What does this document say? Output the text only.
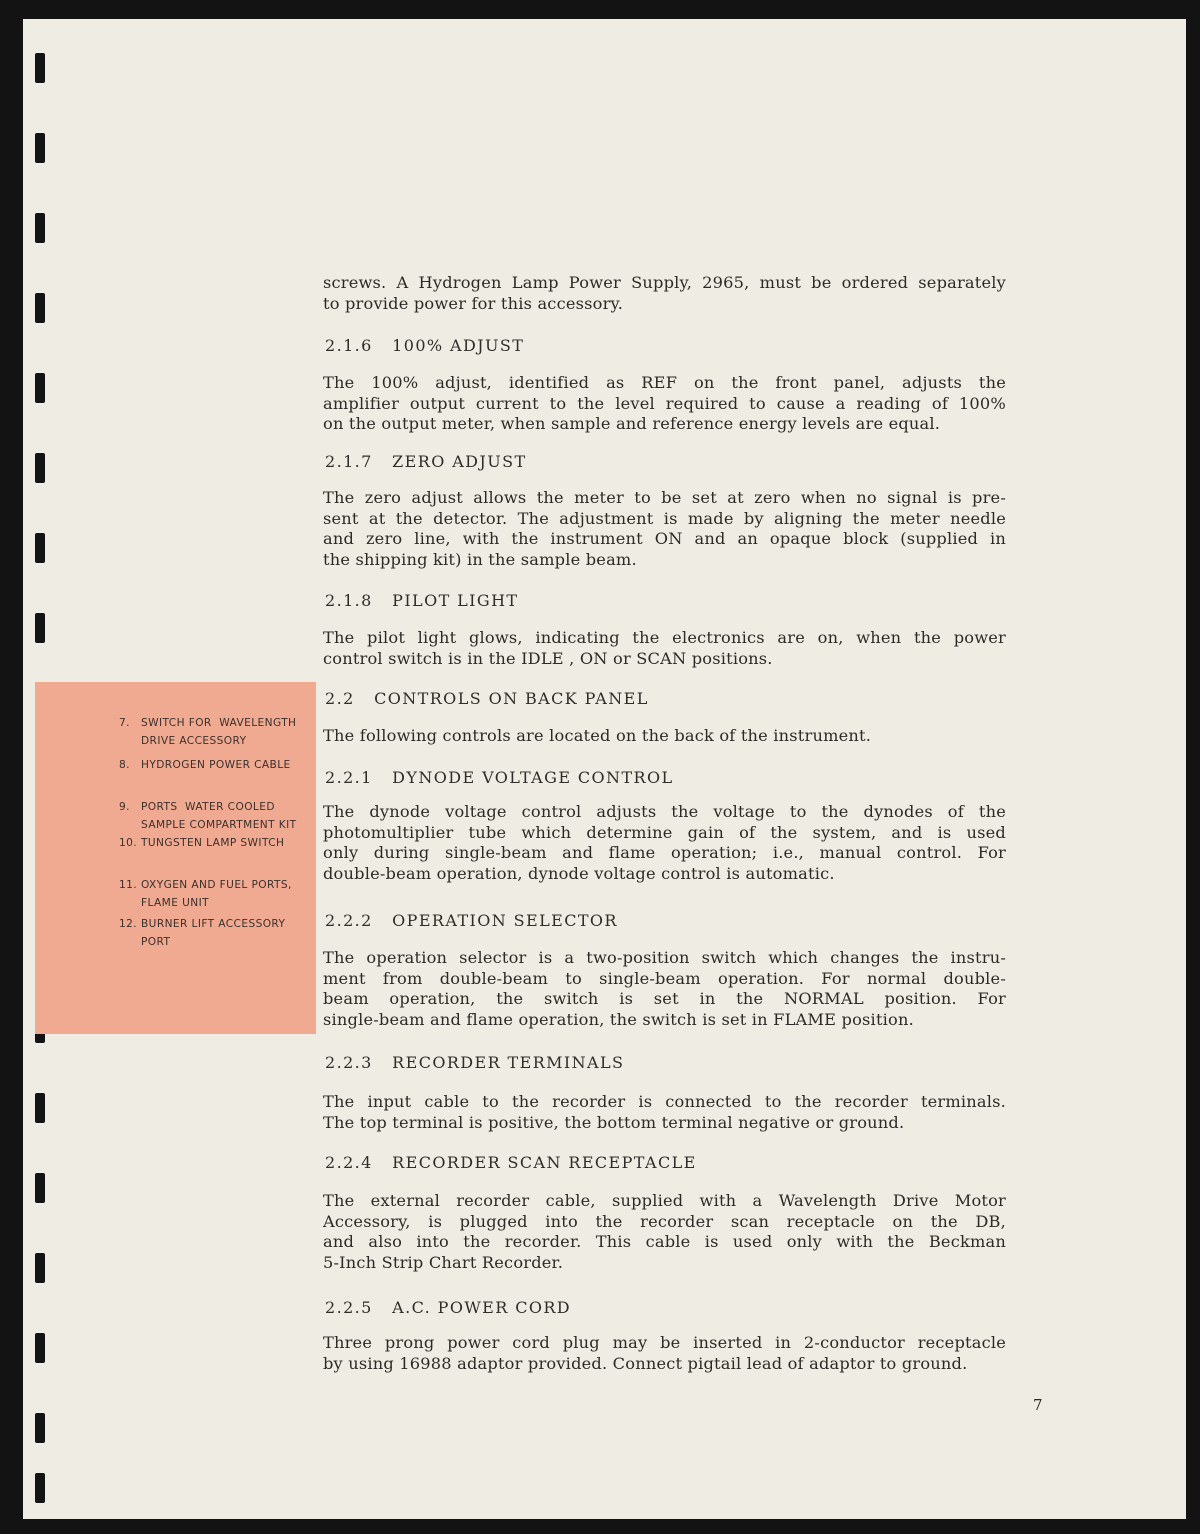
7. SWITCH FOR  WAVELENGTH
DRIVE ACCESSORY
8. HYDROGEN POWER CABLE
9. PORTS  WATER COOLED
SAMPLE COMPARTMENT KIT
10. TUNGSTEN LAMP SWITCH
11. OXYGEN AND FUEL PORTS,
FLAME UNIT
12. BURNER LIFT ACCESSORY
PORT
screws. A Hydrogen Lamp Power Supply, 2965, must be ordered separately
to provide power for this accessory.
2.1.6   100% ADJUST
The 100% adjust, identified as REF on the front panel, adjusts the
amplifier output current to the level required to cause a reading of 100%
on the output meter, when sample and reference energy levels are equal.
2.1.7   ZERO ADJUST
The zero adjust allows the meter to be set at zero when no signal is pre-
sent at the detector. The adjustment is made by aligning the meter needle
and zero line, with the instrument ON and an opaque block (supplied in
the shipping kit) in the sample beam.
2.1.8   PILOT LIGHT
The pilot light glows, indicating the electronics are on, when the power
control switch is in the IDLE , ON or SCAN positions.
2.2   CONTROLS ON BACK PANEL
The following controls are located on the back of the instrument.
2.2.1   DYNODE VOLTAGE CONTROL
The dynode voltage control adjusts the voltage to the dynodes of the
photomultiplier tube which determine gain of the system, and is used
only during single-beam and flame operation; i.e., manual control. For
double-beam operation, dynode voltage control is automatic.
2.2.2   OPERATION SELECTOR
The operation selector is a two-position switch which changes the instru-
ment from double-beam to single-beam operation. For normal double-
beam operation, the switch is set in the NORMAL position. For
single-beam and flame operation, the switch is set in FLAME position.
2.2.3   RECORDER TERMINALS
The input cable to the recorder is connected to the recorder terminals.
The top terminal is positive, the bottom terminal negative or ground.
2.2.4   RECORDER SCAN RECEPTACLE
The external recorder cable, supplied with a Wavelength Drive Motor
Accessory, is plugged into the recorder scan receptacle on the DB,
and also into the recorder. This cable is used only with the Beckman
5-Inch Strip Chart Recorder.
2.2.5   A.C. POWER CORD
Three prong power cord plug may be inserted in 2-conductor receptacle
by using 16988 adaptor provided. Connect pigtail lead of adaptor to ground.
7
